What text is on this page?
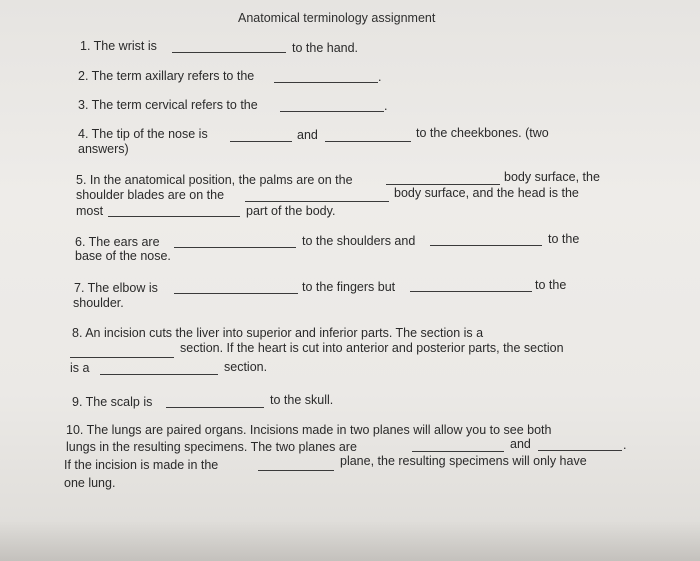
Anatomical terminology assignment
1. The wrist is	to the hand.
2. The term axillary refers to the	.
3. The term cervical refers to the	.
4. The tip of the nose is	and	to the cheekbones. (two
answers)
5. In the anatomical position, the palms are on the	body surface, the
shoulder blades are on the	body surface, and the head is the
most	part of the body.
6. The ears are	to the shoulders and	to the
base of the nose.
7. The elbow is	to the fingers but	to the
shoulder.
8. An incision cuts the liver into superior and inferior parts. The section is a
section. If the heart is cut into anterior and posterior parts, the section
is a	section.
9. The scalp is	to the skull.
10. The lungs are paired organs. Incisions made in two planes will allow you to see both
lungs in the resulting specimens. The two planes are	and	.
If the incision is made in the	plane, the resulting specimens will only have
one lung.
